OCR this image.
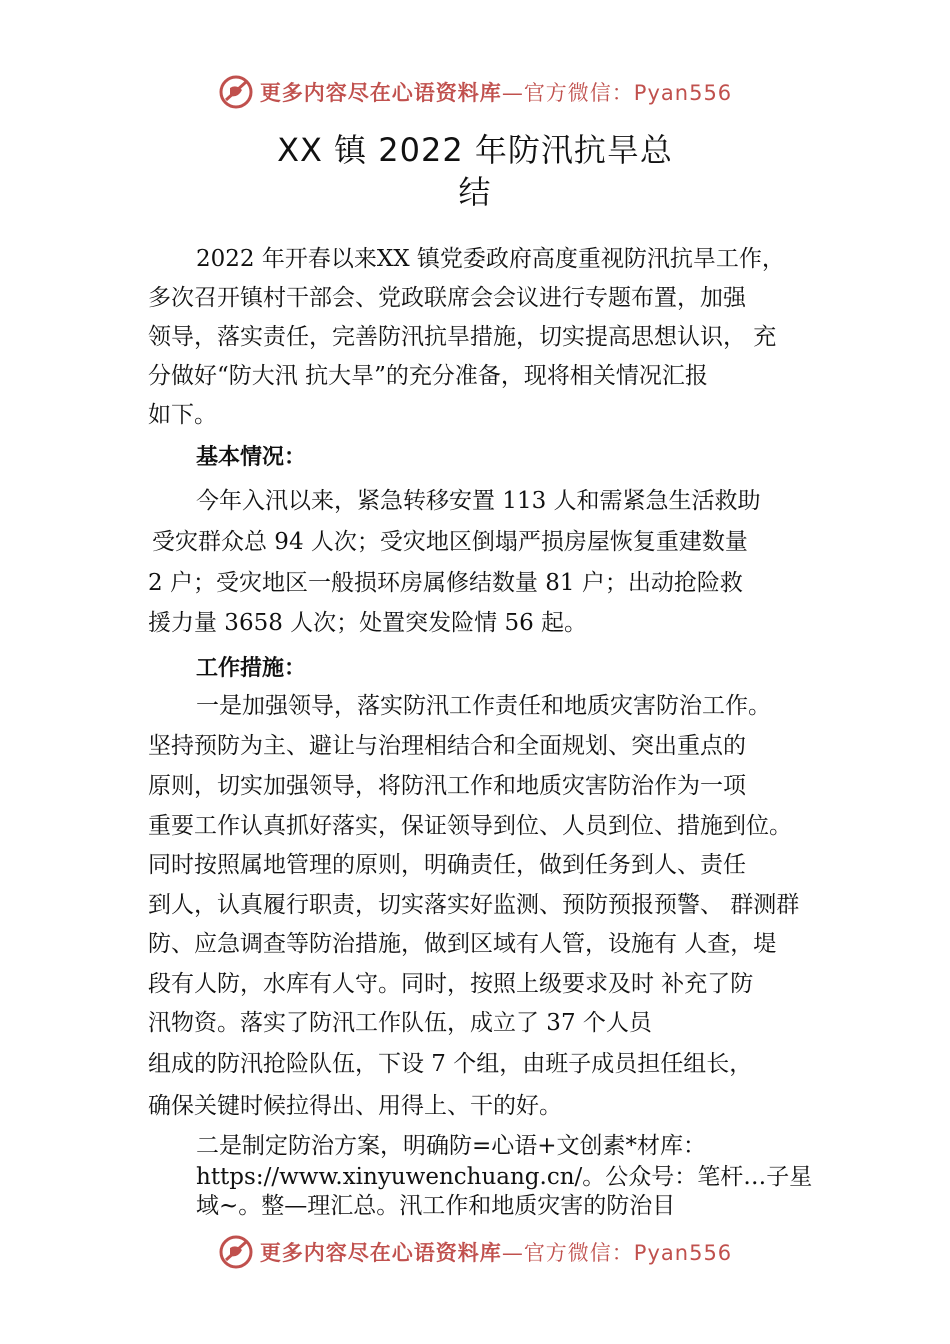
更多内容尽在心语资料库—官方微信：Pyan556
XX 镇 2022 年防汛抗旱总
结
2022 年开春以来XX 镇党委政府高度重视防汛抗旱工作，
多次召开镇村干部会、党政联席会会议进行专题布置，加强
领导，落实责任，完善防汛抗旱措施，切实提高思想认识， 充
分做好“防大汛 抗大旱”的充分准备，现将相关情况汇报
如下。
基本情况：
今年入汛以来，紧急转移安置 113 人和需紧急生活救助
受灾群众总 94 人次；受灾地区倒塌严损房屋恢复重建数量
2 户；受灾地区一般损环房属修结数量 81 户；出动抢险救
援力量 3658 人次；处置突发险情 56 起。
工作措施：
一是加强领导，落实防汛工作责任和地质灾害防治工作。
坚持预防为主、避让与治理相结合和全面规划、突出重点的
原则，切实加强领导，将防汛工作和地质灾害防治作为一项
重要工作认真抓好落实，保证领导到位、人员到位、措施到位。
同时按照属地管理的原则，明确责任，做到任务到人、责任
到人，认真履行职责，切实落实好监测、预防预报预警、 群测群
防、应急调查等防治措施，做到区域有人管，设施有 人查，堤
段有人防，水库有人守。同时，按照上级要求及时 补充了防
汛物资。落实了防汛工作队伍，成立了 37 个人员
组成的防汛抢险队伍，下设 7 个组，由班子成员担任组长，
确保关键时候拉得出、用得上、干的好。
二是制定防治方案，明确防=心语+文创素*材库：
https://www.xinyuwenchuang.cn/。公众号：笔杆…子星
域~。整—理汇总。汛工作和地质灾害的防治目
更多内容尽在心语资料库—官方微信：Pyan556
